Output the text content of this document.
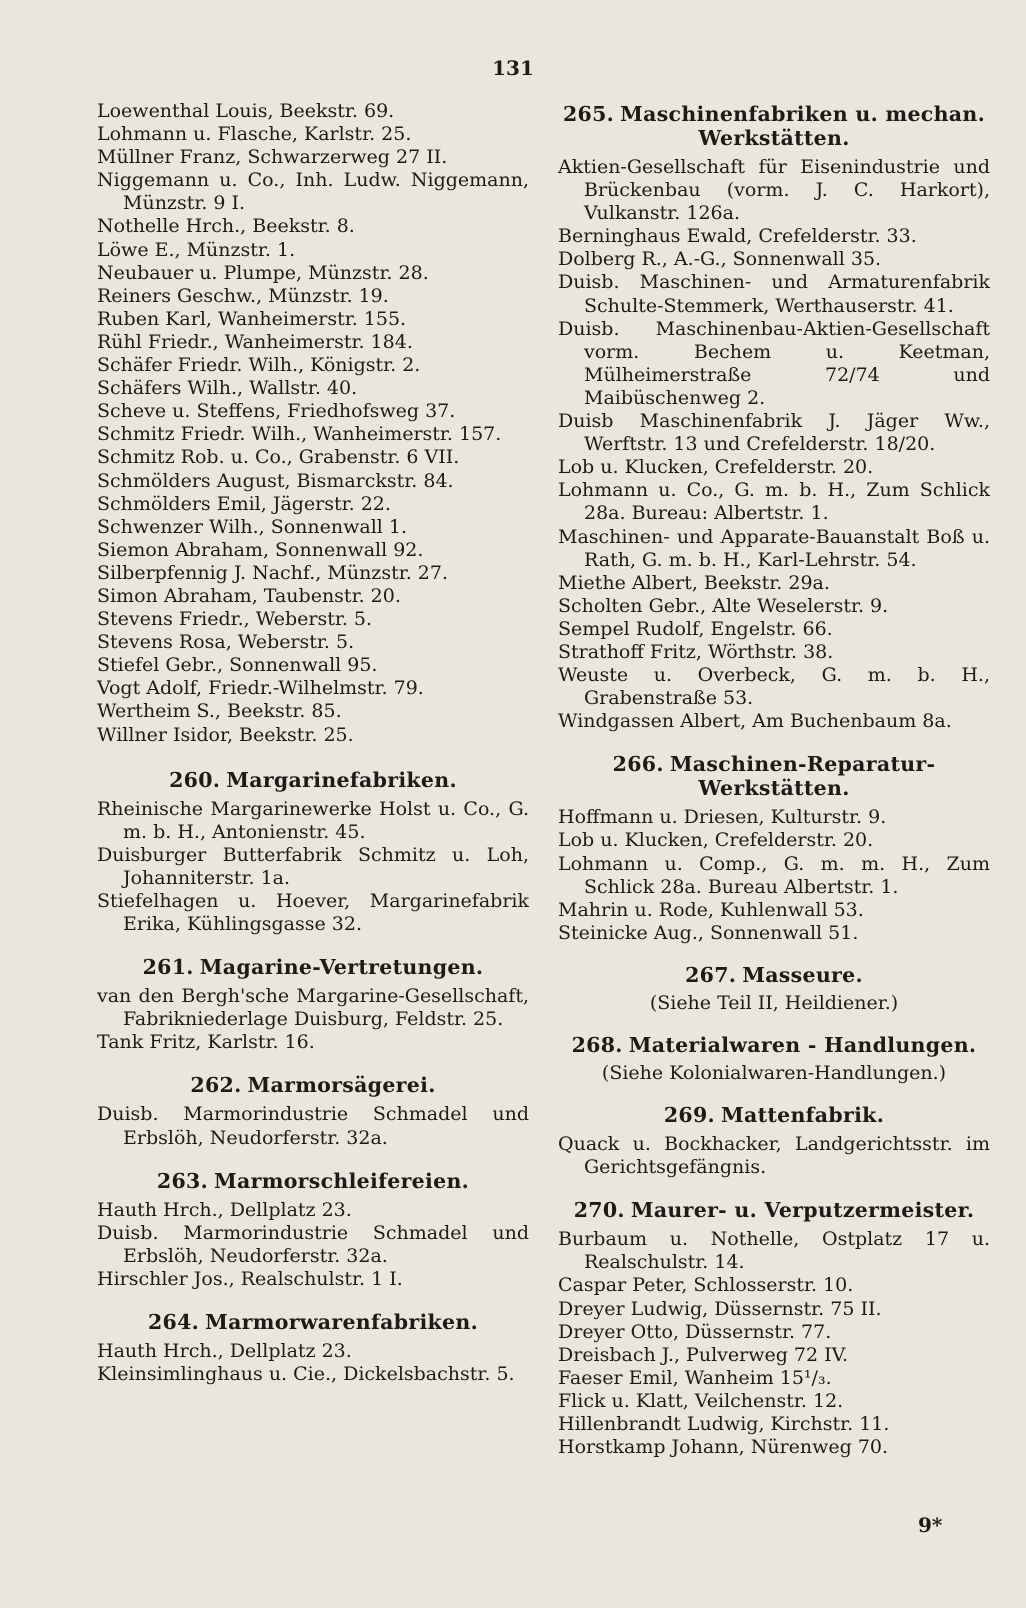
131
Loewenthal Louis, Beekstr. 69.
Lohmann u. Flasche, Karlstr. 25.
Müllner Franz, Schwarzerweg 27 II.
Niggemann u. Co., Inh. Ludw. Niggemann, Münzstr. 9 I.
Nothelle Hrch., Beekstr. 8.
Löwe E., Münzstr. 1.
Neubauer u. Plumpe, Münzstr. 28.
Reiners Geschw., Münzstr. 19.
Ruben Karl, Wanheimerstr. 155.
Rühl Friedr., Wanheimerstr. 184.
Schäfer Friedr. Wilh., Königstr. 2.
Schäfers Wilh., Wallstr. 40.
Scheve u. Steffens, Friedhofsweg 37.
Schmitz Friedr. Wilh., Wanheimerstr. 157.
Schmitz Rob. u. Co., Grabenstr. 6 VII.
Schmölders August, Bismarckstr. 84.
Schmölders Emil, Jägerstr. 22.
Schwenzer Wilh., Sonnenwall 1.
Siemon Abraham, Sonnenwall 92.
Silberpfennig J. Nachf., Münzstr. 27.
Simon Abraham, Taubenstr. 20.
Stevens Friedr., Weberstr. 5.
Stevens Rosa, Weberstr. 5.
Stiefel Gebr., Sonnenwall 95.
Vogt Adolf, Friedr.-Wilhelmstr. 79.
Wertheim S., Beekstr. 85.
Willner Isidor, Beekstr. 25.
260. Margarinefabriken.
Rheinische Margarinewerke Holst u. Co., G. m. b. H., Antonienstr. 45.
Duisburger Butterfabrik Schmitz u. Loh, Johanniterstr. 1a.
Stiefelhagen u. Hoever, Margarinefabrik Erika, Kühlingsgasse 32.
261. Magarine-Vertretungen.
van den Bergh'sche Margarine-Gesellschaft, Fabrikniederlage Duisburg, Feldstr. 25.
Tank Fritz, Karlstr. 16.
262. Marmorsägerei.
Duisb. Marmorindustrie Schmadel und Erbslöh, Neudorferstr. 32a.
263. Marmorschleifereien.
Hauth Hrch., Dellplatz 23.
Duisb. Marmorindustrie Schmadel und Erbslöh, Neudorferstr. 32a.
Hirschler Jos., Realschulstr. 1 I.
264. Marmorwarenfabriken.
Hauth Hrch., Dellplatz 23.
Kleinsimlinghaus u. Cie., Dickelsbachstr. 5.
265. Maschinenfabriken u. mechan. Werkstätten.
Aktien-Gesellschaft für Eisenindustrie und Brückenbau (vorm. J. C. Harkort), Vulkanstr. 126a.
Berninghaus Ewald, Crefelderstr. 33.
Dolberg R., A.-G., Sonnenwall 35.
Duisb. Maschinen- und Armaturenfabrik Schulte-Stemmerk, Werthauserstr. 41.
Duisb. Maschinenbau-Aktien-Gesellschaft vorm. Bechem u. Keetman, Mülheimerstraße 72/74 und Maibüschenweg 2.
Duisb Maschinenfabrik J. Jäger Ww., Werftstr. 13 und Crefelderstr. 18/20.
Lob u. Klucken, Crefelderstr. 20.
Lohmann u. Co., G. m. b. H., Zum Schlick 28a. Bureau: Albertstr. 1.
Maschinen- und Apparate-Bauanstalt Boß u. Rath, G. m. b. H., Karl-Lehrstr. 54.
Miethe Albert, Beekstr. 29a.
Scholten Gebr., Alte Weselerstr. 9.
Sempel Rudolf, Engelstr. 66.
Strathoff Fritz, Wörthstr. 38.
Weuste u. Overbeck, G. m. b. H., Grabenstraße 53.
Windgassen Albert, Am Buchenbaum 8a.
266. Maschinen-Reparatur-Werkstätten.
Hoffmann u. Driesen, Kulturstr. 9.
Lob u. Klucken, Crefelderstr. 20.
Lohmann u. Comp., G. m. m. H., Zum Schlick 28a. Bureau Albertstr. 1.
Mahrin u. Rode, Kuhlenwall 53.
Steinicke Aug., Sonnenwall 51.
267. Masseure.
(Siehe Teil II, Heildiener.)
268. Materialwaren - Handlungen.
(Siehe Kolonialwaren-Handlungen.)
269. Mattenfabrik.
Quack u. Bockhacker, Landgerichtsstr. im Gerichtsgefängnis.
270. Maurer- u. Verputzermeister.
Burbaum u. Nothelle, Ostplatz 17 u. Realschulstr. 14.
Caspar Peter, Schlosserstr. 10.
Dreyer Ludwig, Düssernstr. 75 II.
Dreyer Otto, Düssernstr. 77.
Dreisbach J., Pulverweg 72 IV.
Faeser Emil, Wanheim 15¹/₃.
Flick u. Klatt, Veilchenstr. 12.
Hillenbrandt Ludwig, Kirchstr. 11.
Horstkamp Johann, Nürenweg 70.
9*
